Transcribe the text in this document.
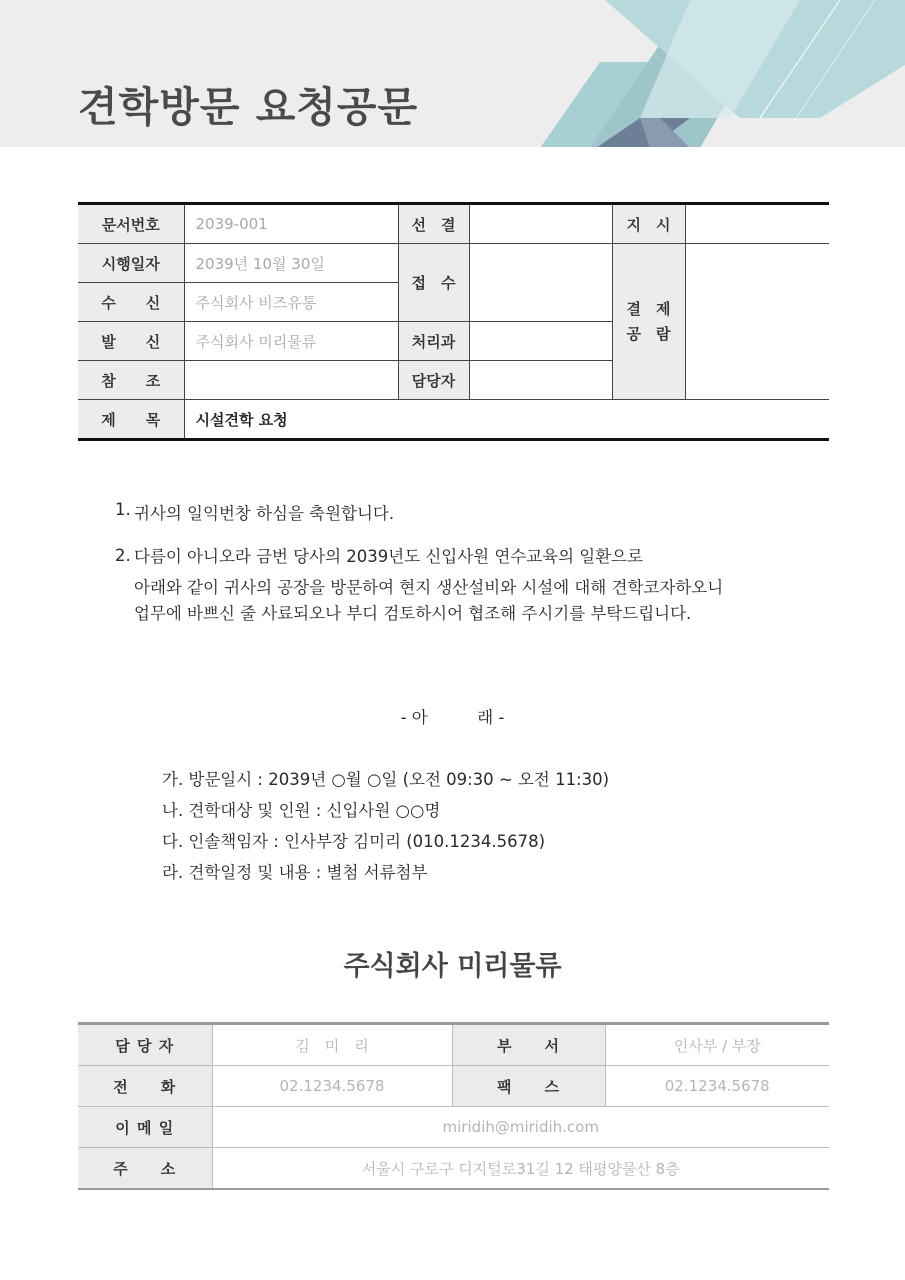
견학방문 요청공문
문서번호	2039-001	선　결		지　시	
시행일자	2039년 10월 30일	접　수		결　제
공　람	

수　　신	주식회사 비즈유통				
발　　신	주식회사 미리물류	처리과			
참　　조		담당자			
제　　목	시설견학 요청				
1. 귀사의 일익번창 하심을 축원합니다.
2. 다름이 아니오라 금번 당사의 2039년도 신입사원 연수교육의 일환으로
아래와 같이 귀사의 공장을 방문하여 현지 생산설비와 시설에 대해 견학코자하오니
업무에 바쁘신 줄 사료되오나 부디 검토하시어 협조해 주시기를 부탁드립니다.
- 아　　　래 -
가. 방문일시 : 2039년 ○월 ○일 (오전 09:30 ~ 오전 11:30)
나. 견학대상 및 인원 : 신입사원 ○○명
다. 인솔책임자 : 인사부장 김미리 (010.1234.5678)
라. 견학일정 및 내용 : 별첨 서류첨부
주식회사 미리물류
담 당 자	김　미　리	부　　서	인사부 / 부장
전　　화	02.1234.5678	팩　　스	02.1234.5678
이 메 일	miridih@miridih.com		
주　　소	서울시 구로구 디지털로31길 12 태평양물산 8층		
